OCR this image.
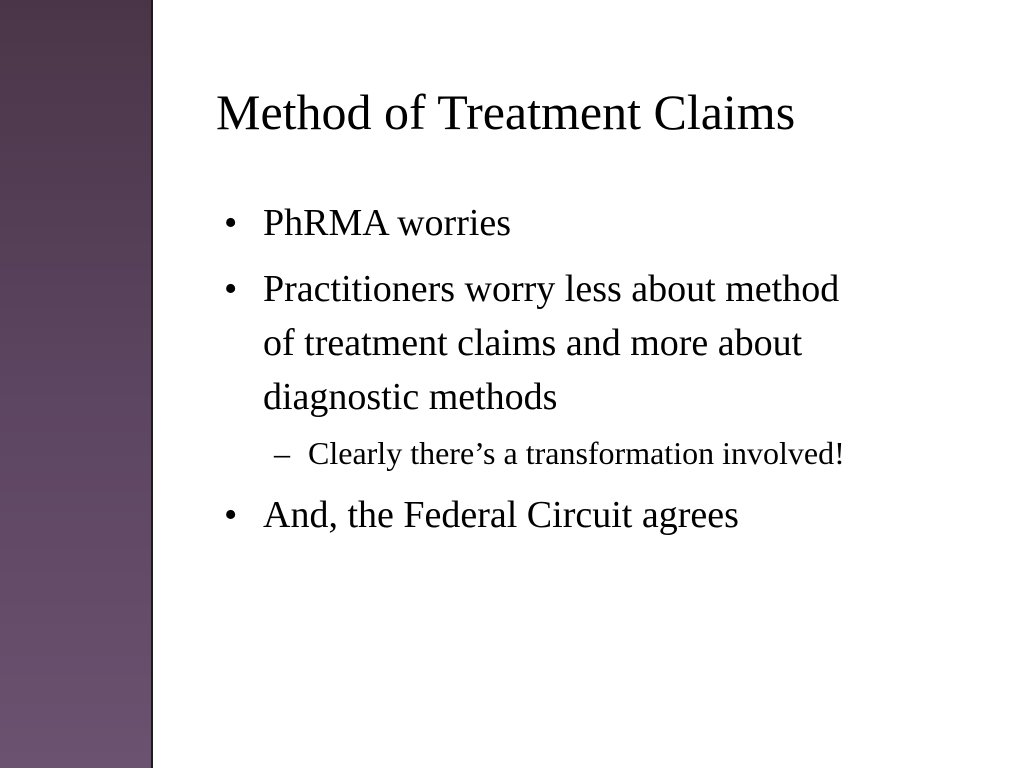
Method of Treatment Claims
• PhRMA worries
• Practitioners worry less about method of treatment claims and more about diagnostic methods
– Clearly there’s a transformation involved!
• And, the Federal Circuit agrees
